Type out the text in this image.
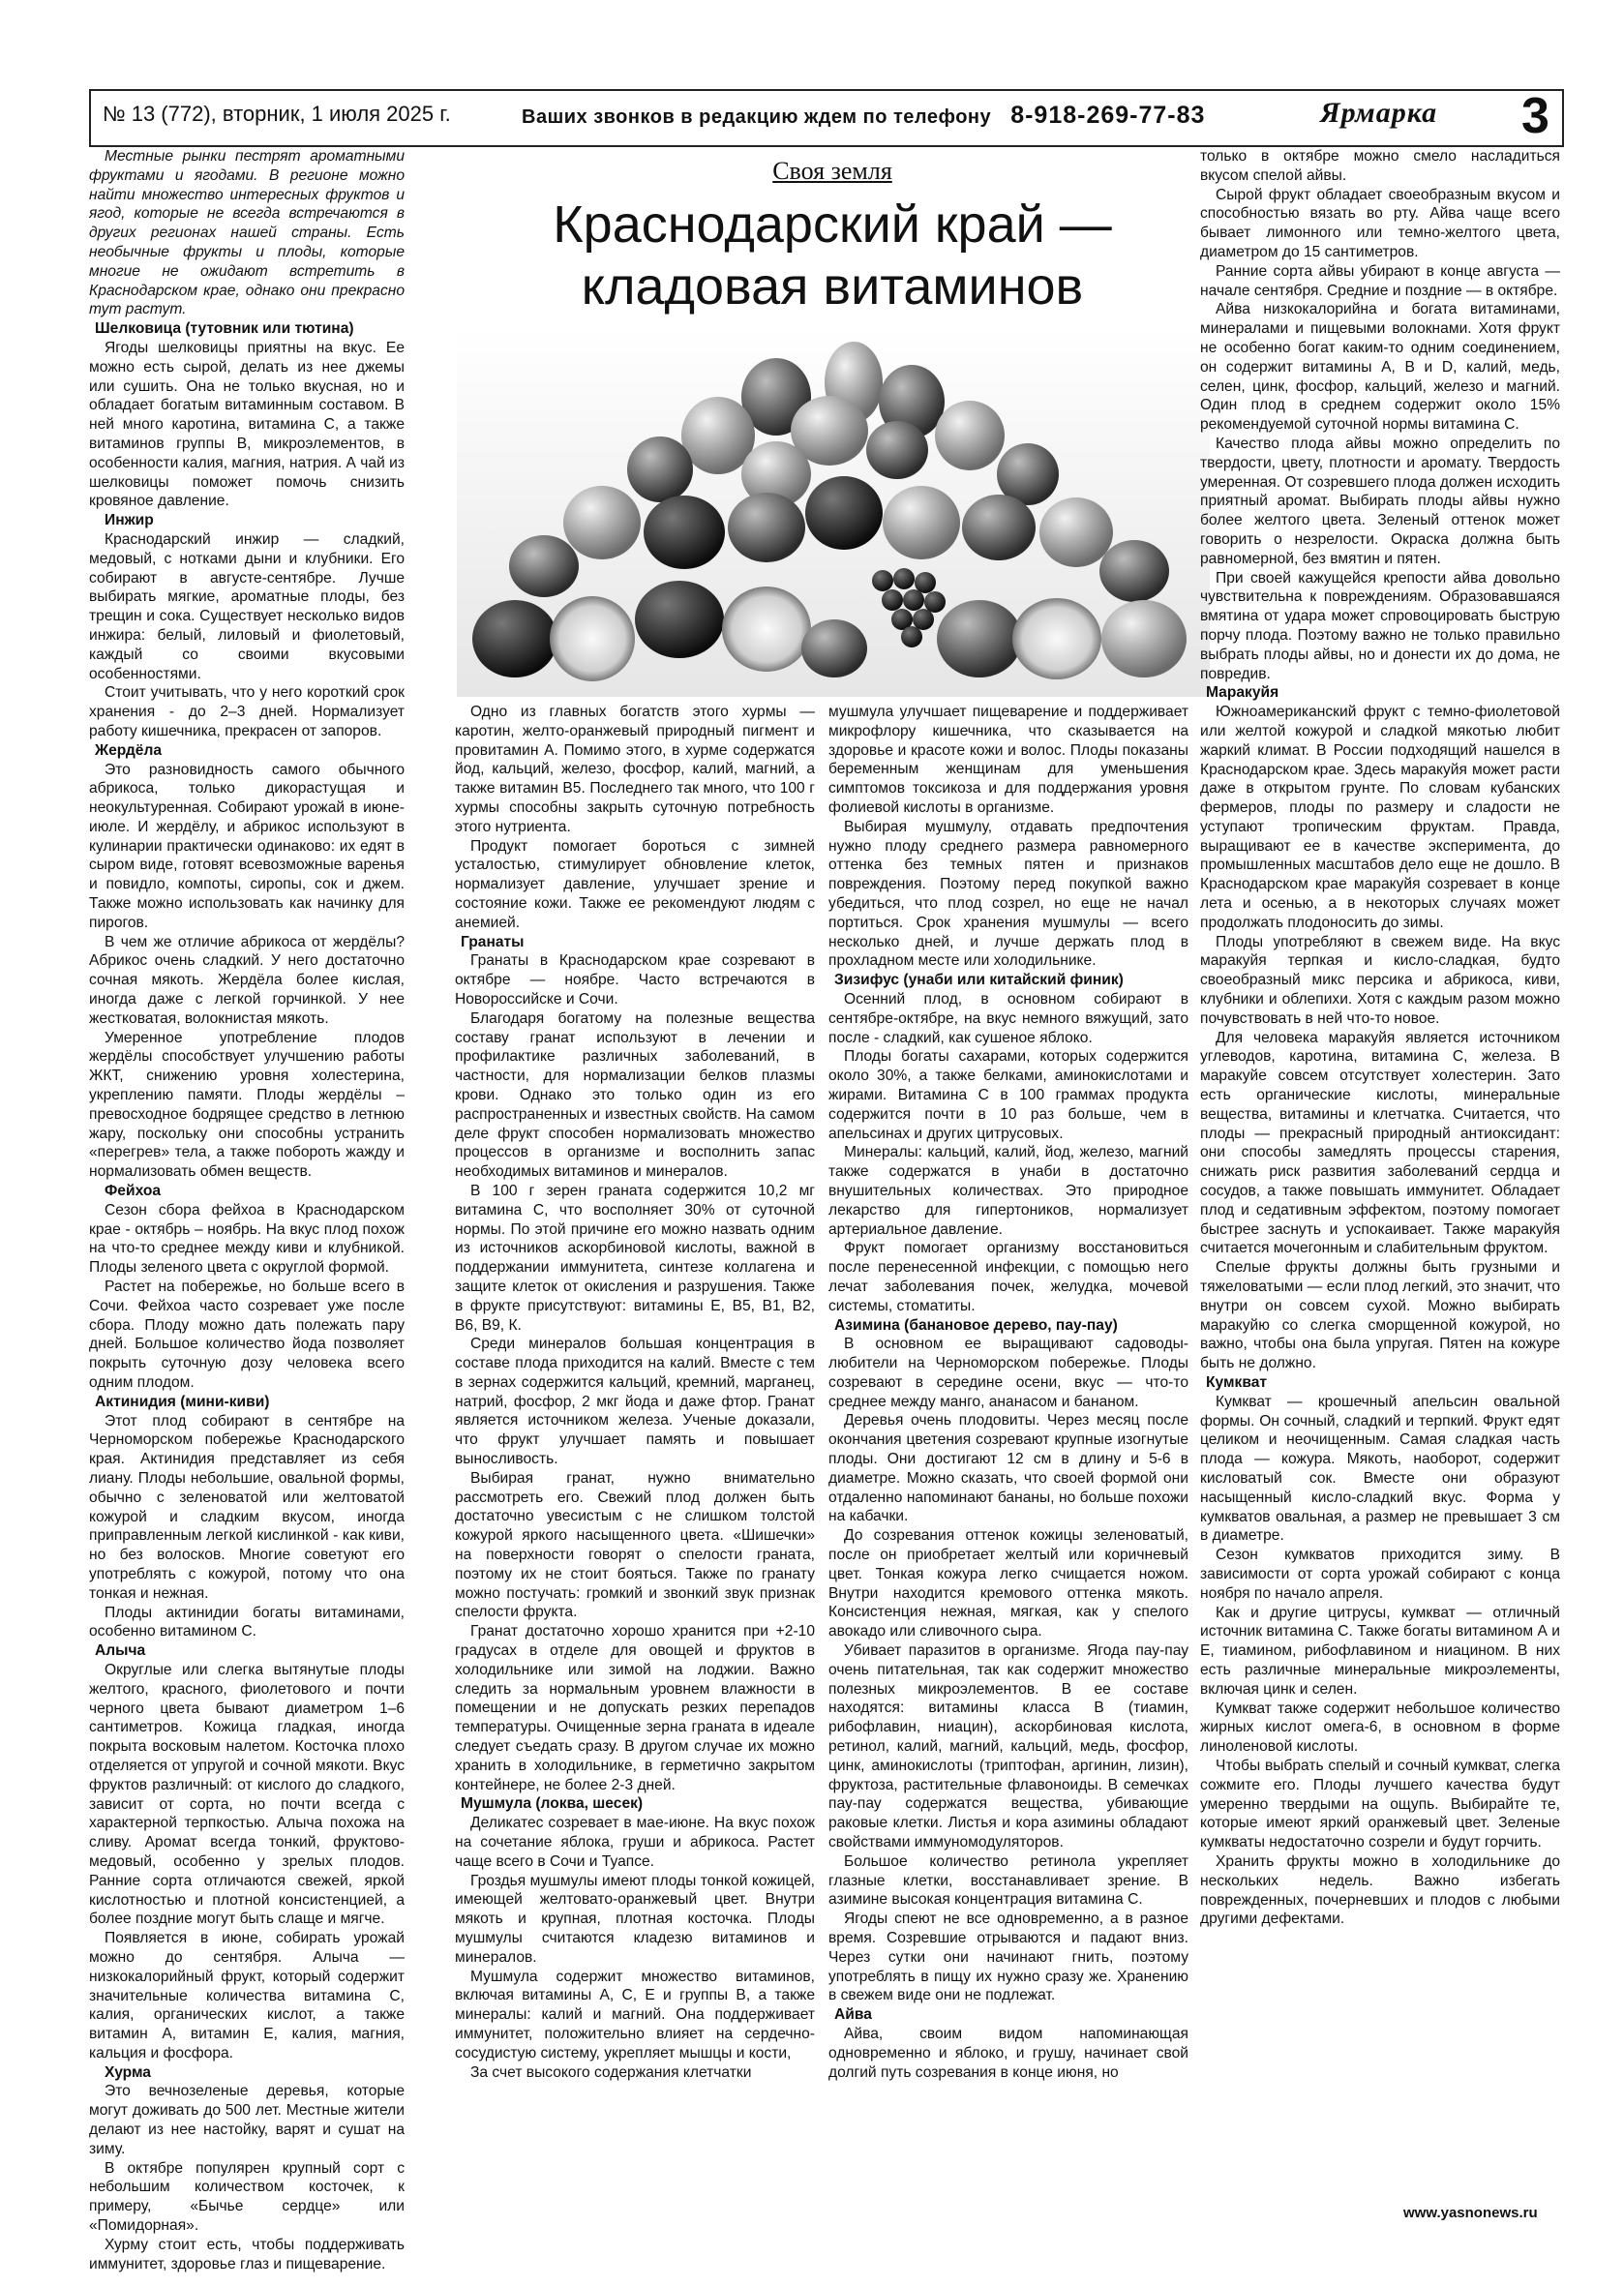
№ 13 (772), вторник, 1 июля 2025 г.	Ваших звонков в редакцию ждем по телефону 8-918-269-77-83	Ярмарка 3
Своя земля
Краснодарский край —
кладовая витаминов

Местные рынки пестрят ароматными фруктами и ягодами. В регионе можно найти множество интересных фруктов и ягод, которые не всегда встречаются в других регионах нашей страны. Есть необычные фрукты и плоды, которые многие не ожидают встретить в Краснодарском крае, однако они прекрасно тут растут.

Шелковица (тутовник или тютина)

Ягоды шелковицы приятны на вкус. Ее можно есть сырой, делать из нее джемы или сушить. Она не только вкусная, но и обладает богатым витаминным составом. В ней много каротина, витамина С, а также витаминов группы В, микроэлементов, в особенности калия, магния, натрия. А чай из шелковицы поможет помочь снизить кровяное давление.

Инжир

Краснодарский инжир — сладкий, медовый, с нотками дыни и клубники. Его собирают в августе-сентябре. Лучше выбирать мягкие, ароматные плоды, без трещин и сока. Существует несколько видов инжира: белый, лиловый и фиолетовый, каждый со своими вкусовыми особенностями.

Стоит учитывать, что у него короткий срок хранения - до 2–3 дней. Нормализует работу кишечника, прекрасен от запоров.

Жердёла

Это разновидность самого обычного абрикоса, только дикорастущая и неокультуренная. Собирают урожай в июне-июле. И жердёлу, и абрикос используют в кулинарии практически одинаково: их едят в сыром виде, готовят всевозможные варенья и повидло, компоты, сиропы, сок и джем. Также можно использовать как начинку для пирогов.

В чем же отличие абрикоса от жердёлы? Абрикос очень сладкий. У него достаточно сочная мякоть. Жердёла более кислая, иногда даже с легкой горчинкой. У нее жестковатая, волокнистая мякоть.

Умеренное употребление плодов жердёлы способствует улучшению работы ЖКТ, снижению уровня холестерина, укреплению памяти. Плоды жердёлы – превосходное бодрящее средство в летнюю жару, поскольку они способны устранить «перегрев» тела, а также побороть жажду и нормализовать обмен веществ.

Фейхоа

Сезон сбора фейхоа в Краснодарском крае - октябрь – ноябрь. На вкус плод похож на что-то среднее между киви и клубникой. Плоды зеленого цвета с округлой формой.

Растет на побережье, но больше всего в Сочи. Фейхоа часто созревает уже после сбора. Плоду можно дать полежать пару дней. Большое количество йода позволяет покрыть суточную дозу человека всего одним плодом.

Актинидия (мини-киви)

Этот плод собирают в сентябре на Черноморском побережье Краснодарского края. Актинидия представляет из себя лиану. Плоды небольшие, овальной формы, обычно с зеленоватой или желтоватой кожурой и сладким вкусом, иногда приправленным легкой кислинкой - как киви, но без волосков. Многие советуют его употреблять с кожурой, потому что она тонкая и нежная.

Плоды актинидии богаты витаминами, особенно витамином С.

Алыча

Округлые или слегка вытянутые плоды желтого, красного, фиолетового и почти черного цвета бывают диаметром 1–6 сантиметров. Кожица гладкая, иногда покрыта восковым налетом. Косточка плохо отделяется от упругой и сочной мякоти. Вкус фруктов различный: от кислого до сладкого, зависит от сорта, но почти всегда с характерной терпкостью. Алыча похожа на сливу. Аромат всегда тонкий, фруктово-медовый, особенно у зрелых плодов. Ранние сорта отличаются свежей, яркой кислотностью и плотной консистенцией, а более поздние могут быть слаще и мягче.

Появляется в июне, собирать урожай можно до сентября. Алыча — низкокалорийный фрукт, который содержит значительные количества витамина С, калия, органических кислот, а также витамин А, витамин Е, калия, магния, кальция и фосфора.

Хурма

Это вечнозеленые деревья, которые могут доживать до 500 лет. Местные жители делают из нее настойку, варят и сушат на зиму.

В октябре популярен крупный сорт с небольшим количеством косточек, к примеру, «Бычье сердце» или «Помидорная».

Хурму стоит есть, чтобы поддерживать иммунитет, здоровье глаз и пищеварение.

Одно из главных богатств этого хурмы — каротин, желто-оранжевый природный пигмент и провитамин А. Помимо этого, в хурме содержатся йод, кальций, железо, фосфор, калий, магний, а также витамин B5. Последнего так много, что 100 г хурмы способны закрыть суточную потребность этого нутриента.

Продукт помогает бороться с зимней усталостью, стимулирует обновление клеток, нормализует давление, улучшает зрение и состояние кожи. Также ее рекомендуют людям с анемией.

Гранаты

Гранаты в Краснодарском крае созревают в октябре — ноябре. Часто встречаются в Новороссийске и Сочи.

Благодаря богатому на полезные вещества составу гранат используют в лечении и профилактике различных заболеваний, в частности, для нормализации белков плазмы крови. Однако это только один из его распространенных и известных свойств. На самом деле фрукт способен нормализовать множество процессов в организме и восполнить запас необходимых витаминов и минералов.

В 100 г зерен граната содержится 10,2 мг витамина С, что восполняет 30% от суточной нормы. По этой причине его можно назвать одним из источников аскорбиновой кислоты, важной в поддержании иммунитета, синтезе коллагена и защите клеток от окисления и разрушения. Также в фрукте присутствуют: витамины Е, В5, В1, В2, В6, В9, К.

Среди минералов большая концентрация в составе плода приходится на калий. Вместе с тем в зернах содержится кальций, кремний, марганец, натрий, фосфор, 2 мкг йода и даже фтор. Гранат является источником железа. Ученые доказали, что фрукт улучшает память и повышает выносливость.

Выбирая гранат, нужно внимательно рассмотреть его. Свежий плод должен быть достаточно увесистым с не слишком толстой кожурой яркого насыщенного цвета. «Шишечки» на поверхности говорят о спелости граната, поэтому их не стоит бояться. Также по гранату можно постучать: громкий и звонкий звук признак спелости фрукта.

Гранат достаточно хорошо хранится при +2-10 градусах в отделе для овощей и фруктов в холодильнике или зимой на лоджии. Важно следить за нормальным уровнем влажности в помещении и не допускать резких перепадов температуры. Очищенные зерна граната в идеале следует съедать сразу. В другом случае их можно хранить в холодильнике, в герметично закрытом контейнере, не более 2-3 дней.

Мушмула (локва, шесек)

Деликатес созревает в мае-июне. На вкус похож на сочетание яблока, груши и абрикоса. Растет чаще всего в Сочи и Туапсе.

Гроздья мушмулы имеют плоды тонкой кожицей, имеющей желтовато-оранжевый цвет. Внутри мякоть и крупная, плотная косточка. Плоды мушмулы считаются кладезю витаминов и минералов.

Мушмула содержит множество витаминов, включая витамины А, С, Е и группы В, а также минералы: калий и магний. Она поддерживает иммунитет, положительно влияет на сердечно-сосудистую систему, укрепляет мышцы и кости,

За счет высокого содержания клетчатки

мушмула улучшает пищеварение и поддерживает микрофлору кишечника, что сказывается на здоровье и красоте кожи и волос. Плоды показаны беременным женщинам для уменьшения симптомов токсикоза и для поддержания уровня фолиевой кислоты в организме.

Выбирая мушмулу, отдавать предпочтения нужно плоду среднего размера равномерного оттенка без темных пятен и признаков повреждения. Поэтому перед покупкой важно убедиться, что плод созрел, но еще не начал портиться. Срок хранения мушмулы — всего несколько дней, и лучше держать плод в прохладном месте или холодильнике.

Зизифус (унаби или китайский финик)

Осенний плод, в основном собирают в сентябре-октябре, на вкус немного вяжущий, зато после - сладкий, как сушеное яблоко.

Плоды богаты сахарами, которых содержится около 30%, а также белками, аминокислотами и жирами. Витамина С в 100 граммах продукта содержится почти в 10 раз больше, чем в апельсинах и других цитрусовых.

Минералы: кальций, калий, йод, железо, магний также содержатся в унаби в достаточно внушительных количествах. Это природное лекарство для гипертоников, нормализует артериальное давление.

Фрукт помогает организму восстановиться после перенесенной инфекции, с помощью него лечат заболевания почек, желудка, мочевой системы, стоматиты.

Азимина (банановое дерево, пау-пау)

В основном ее выращивают садоводы-любители на Черноморском побережье. Плоды созревают в середине осени, вкус — что-то среднее между манго, ананасом и бананом.

Деревья очень плодовиты. Через месяц после окончания цветения созревают крупные изогнутые плоды. Они достигают 12 см в длину и 5-6 в диаметре. Можно сказать, что своей формой они отдаленно напоминают бананы, но больше похожи на кабачки.

До созревания оттенок кожицы зеленоватый, после он приобретает желтый или коричневый цвет. Тонкая кожура легко счищается ножом. Внутри находится кремового оттенка мякоть. Консистенция нежная, мягкая, как у спелого авокадо или сливочного сыра.

Убивает паразитов в организме. Ягода пау-пау очень питательная, так как содержит множество полезных микроэлементов. В ее составе находятся: витамины класса В (тиамин, рибофлавин, ниацин), аскорбиновая кислота, ретинол, калий, магний, кальций, медь, фосфор, цинк, аминокислоты (триптофан, аргинин, лизин), фруктоза, растительные флавоноиды. В семечках пау-пау содержатся вещества, убивающие раковые клетки. Листья и кора азимины обладают свойствами иммуномодуляторов.

Большое количество ретинола укрепляет глазные клетки, восстанавливает зрение. В азимине высокая концентрация витамина С.

Ягоды спеют не все одновременно, а в разное время. Созревшие отрываются и падают вниз. Через сутки они начинают гнить, поэтому употреблять в пищу их нужно сразу же. Хранению в свежем виде они не подлежат.

Айва

Айва, своим видом напоминающая одновременно и яблоко, и грушу, начинает свой долгий путь созревания в конце июня, но

только в октябре можно смело насладиться вкусом спелой айвы.

Сырой фрукт обладает своеобразным вкусом и способностью вязать во рту. Айва чаще всего бывает лимонного или темно-желтого цвета, диаметром до 15 сантиметров.

Ранние сорта айвы убирают в конце августа — начале сентября. Средние и поздние — в октябре.

Айва низкокалорийна и богата витаминами, минералами и пищевыми волокнами. Хотя фрукт не особенно богат каким-то одним соединением, он содержит витамины А, В и D, калий, медь, селен, цинк, фосфор, кальций, железо и магний. Один плод в среднем содержит около 15% рекомендуемой суточной нормы витамина С.

Качество плода айвы можно определить по твердости, цвету, плотности и аромату. Твердость умеренная. От созревшего плода должен исходить приятный аромат. Выбирать плоды айвы нужно более желтого цвета. Зеленый оттенок может говорить о незрелости. Окраска должна быть равномерной, без вмятин и пятен.

При своей кажущейся крепости айва довольно чувствительна к повреждениям. Образовавшаяся вмятина от удара может спровоцировать быструю порчу плода. Поэтому важно не только правильно выбрать плоды айвы, но и донести их до дома, не повредив.

Маракуйя

Южноамериканский фрукт с темно-фиолетовой или желтой кожурой и сладкой мякотью любит жаркий климат. В России подходящий нашелся в Краснодарском крае. Здесь маракуйя может расти даже в открытом грунте. По словам кубанских фермеров, плоды по размеру и сладости не уступают тропическим фруктам. Правда, выращивают ее в качестве эксперимента, до промышленных масштабов дело еще не дошло. В Краснодарском крае маракуйя созревает в конце лета и осенью, а в некоторых случаях может продолжать плодоносить до зимы.

Плоды употребляют в свежем виде. На вкус маракуйя терпкая и кисло-сладкая, будто своеобразный микс персика и абрикоса, киви, клубники и облепихи. Хотя с каждым разом можно почувствовать в ней что-то новое.

Для человека маракуйя является источником углеводов, каротина, витамина С, железа. В маракуйе совсем отсутствует холестерин. Зато есть органические кислоты, минеральные вещества, витамины и клетчатка. Считается, что плоды — прекрасный природный антиоксидант: они способы замедлять процессы старения, снижать риск развития заболеваний сердца и сосудов, а также повышать иммунитет. Обладает плод и седативным эффектом, поэтому помогает быстрее заснуть и успокаивает. Также маракуйя считается мочегонным и слабительным фруктом.

Спелые фрукты должны быть грузными и тяжеловатыми — если плод легкий, это значит, что внутри он совсем сухой. Можно выбирать маракуйю со слегка сморщенной кожурой, но важно, чтобы она была упругая. Пятен на кожуре быть не должно.

Кумкват

Кумкват — крошечный апельсин овальной формы. Он сочный, сладкий и терпкий. Фрукт едят целиком и неочищенным. Самая сладкая часть плода — кожура. Мякоть, наоборот, содержит кисловатый сок. Вместе они образуют насыщенный кисло-сладкий вкус. Форма у кумкватов овальная, а размер не превышает 3 см в диаметре.

Сезон кумкватов приходится зиму. В зависимости от сорта урожай собирают с конца ноября по начало апреля.

Как и другие цитрусы, кумкват — отличный источник витамина С. Также богаты витамином А и Е, тиамином, рибофлавином и ниацином. В них есть различные минеральные микроэлементы, включая цинк и селен.

Кумкват также содержит небольшое количество жирных кислот омега-6, в основном в форме линоленовой кислоты.

Чтобы выбрать спелый и сочный кумкват, слегка сожмите его. Плоды лучшего качества будут умеренно твердыми на ощупь. Выбирайте те, которые имеют яркий оранжевый цвет. Зеленые кумкваты недостаточно созрели и будут горчить.

Хранить фрукты можно в холодильнике до нескольких недель. Важно избегать поврежденных, почерневших и плодов с любыми другими дефектами.

www.yasnonews.ru
